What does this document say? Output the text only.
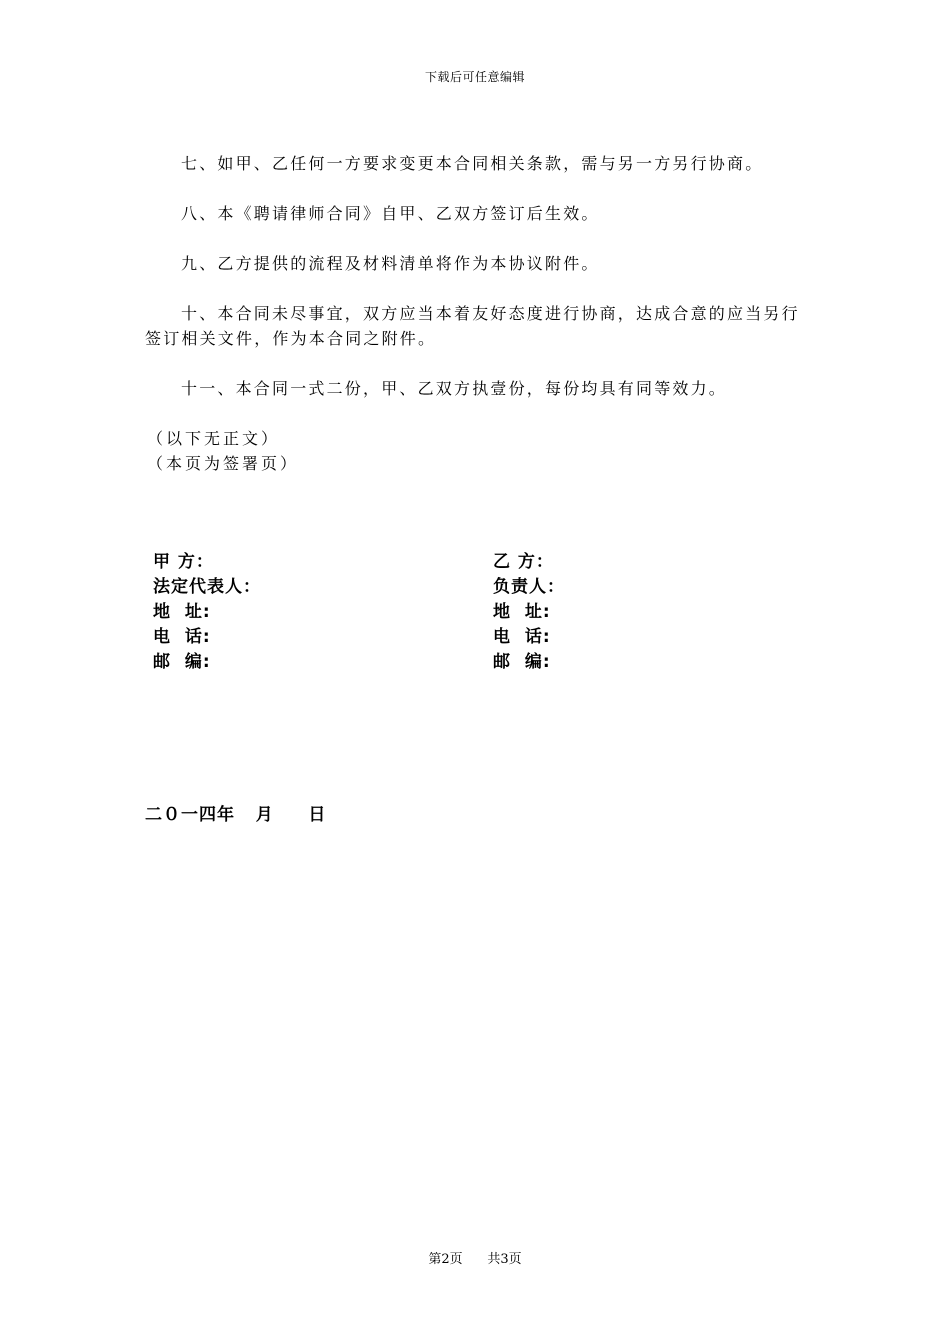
下载后可任意编辑
七、如甲、乙任何一方要求变更本合同相关条款，需与另一方另行协商。
八、本《聘请律师合同》自甲、乙双方签订后生效。
九、乙方提供的流程及材料清单将作为本协议附件。
十、本合同未尽事宜，双方应当本着友好态度进行协商，达成合意的应当另行签订相关文件，作为本合同之附件。
十一、本合同一式二份，甲、乙双方执壹份，每份均具有同等效力。
（以下无正文）
（本页为签署页）
甲 方：
法定代表人：
地  址:
电  话:
邮  编:
乙 方：
负责人：
地  址:
电  话:
邮  编:
二０一四年   月     日
第2页      共3页
